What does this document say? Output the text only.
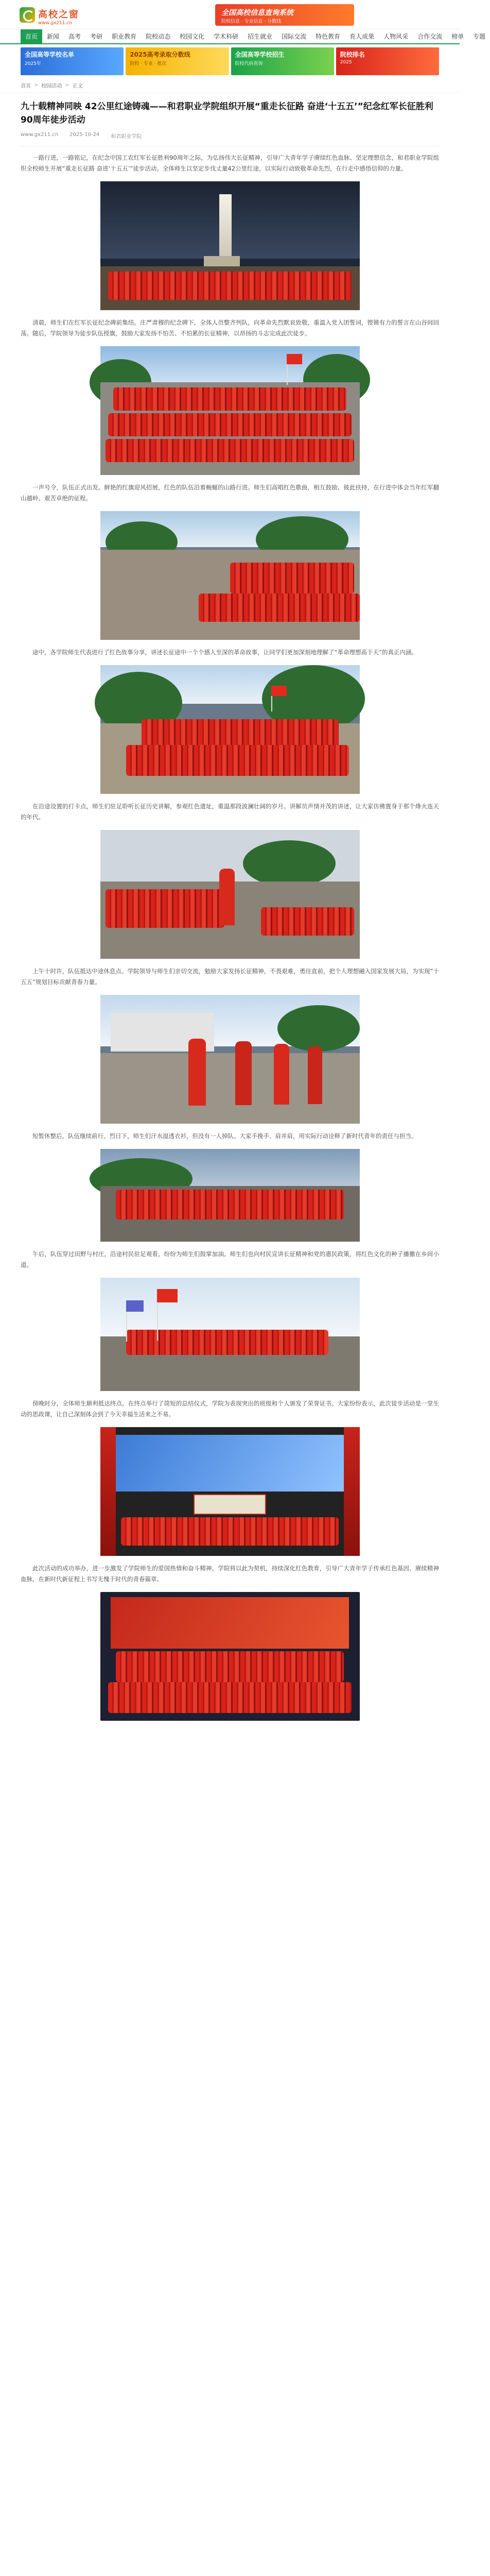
高校之窗
www.gx211.cn
全国高校信息查询系统
院校信息 · 专业信息 · 分数线
首页	新闻	高考	考研	职业教育	院校动态	校园文化	学术科研	招生就业	国际交流	特色教育	育人成果	人物风采	合作交流	榜单	专题
全国高等学校名单
2025年
2025高考录取分数线
院校 · 专业 · 批次
全国高等学校招生
院校代码查询
院校排名
2025
首页 > 校园活动 > 正文
九十载精神同映 42公里红途铸魂——和君职业学院组织开展“重走长征路 奋进‘十五五’”纪念红军长征胜利90周年徒步活动
www.gx211.cn 2025-10-24 和君职业学院

一路行进，一路铭记，在纪念中国工农红军长征胜利90周年之际，为弘扬伟大长征精神，引导广大青年学子赓续红色血脉、坚定理想信念，和君职业学院组织全校师生开展“重走长征路 奋进‘十五五’”徒步活动。全体师生以坚定步伐丈量42公里红途，以实际行动致敬革命先烈，在行走中感悟信仰的力量。

清晨，师生们在红军长征纪念碑前集结。庄严肃穆的纪念碑下，全体人员整齐列队，向革命先烈默哀致敬，重温入党入团誓词，铿锵有力的誓言在山谷间回荡。随后，学院领导为徒步队伍授旗，鼓励大家发扬不怕苦、不怕累的长征精神，以昂扬的斗志完成此次徒步。

一声号令，队伍正式出发。鲜艳的红旗迎风招展，红色的队伍沿着蜿蜒的山路行进。师生们高唱红色歌曲，相互鼓励、彼此扶持，在行进中体会当年红军翻山越岭、艰苦卓绝的征程。

途中，各学院师生代表进行了红色故事分享，讲述长征途中一个个感人至深的革命故事，让同学们更加深刻地理解了“革命理想高于天”的真正内涵。

在沿途设置的打卡点，师生们驻足聆听长征历史讲解，参观红色遗址，重温那段波澜壮阔的岁月。讲解员声情并茂的讲述，让大家仿佛置身于那个烽火连天的年代。

上午十时许，队伍抵达中途休息点。学院领导与师生们亲切交流，勉励大家发扬长征精神，不畏艰难，勇往直前，把个人理想融入国家发展大局，为实现“十五五”规划目标贡献青春力量。

短暂休整后，队伍继续前行。烈日下，师生们汗水湿透衣衫，但没有一人掉队。大家手挽手、肩并肩，用实际行动诠释了新时代青年的责任与担当。

午后，队伍穿过田野与村庄，沿途村民驻足观看，纷纷为师生们鼓掌加油。师生们也向村民宣讲长征精神和党的惠民政策，将红色文化的种子播撒在乡间小道。

傍晚时分，全体师生顺利抵达终点。在终点举行了简短的总结仪式，学院为表现突出的班级和个人颁发了荣誉证书。大家纷纷表示，此次徒步活动是一堂生动的思政课，让自己深刻体会到了今天幸福生活来之不易。

此次活动的成功举办，进一步激发了学院师生的爱国热情和奋斗精神。学院将以此为契机，持续深化红色教育，引导广大青年学子传承红色基因、赓续精神血脉，在新时代新征程上书写无愧于时代的青春篇章。
